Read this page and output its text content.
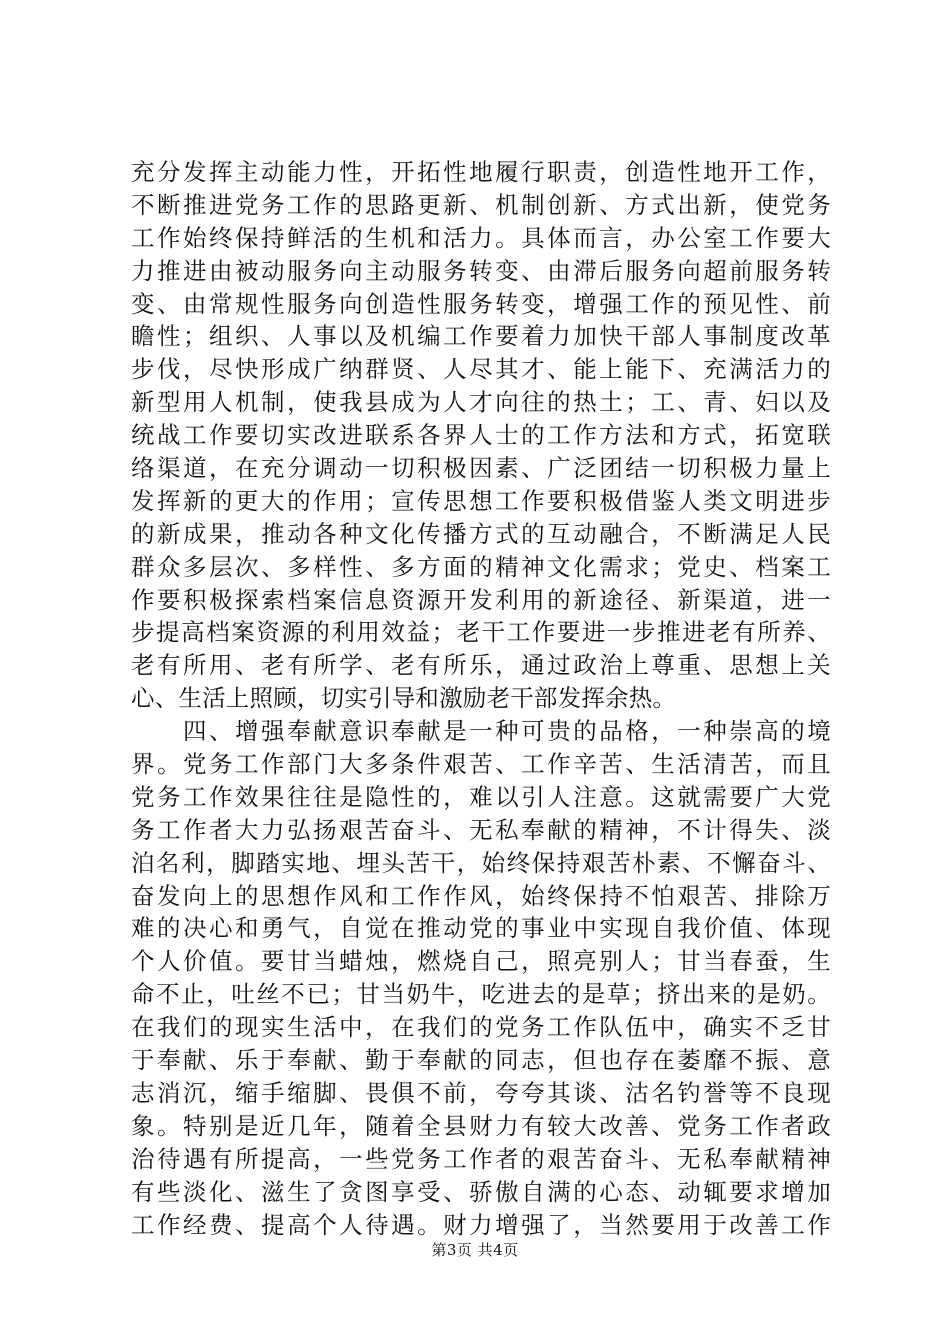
充分发挥主动能力性，开拓性地履行职责，创造性地开工作，
不断推进党务工作的思路更新、机制创新、方式出新，使党务
工作始终保持鲜活的生机和活力。具体而言，办公室工作要大
力推进由被动服务向主动服务转变、由滞后服务向超前服务转
变、由常规性服务向创造性服务转变，增强工作的预见性、前
瞻性；组织、人事以及机编工作要着力加快干部人事制度改革
步伐，尽快形成广纳群贤、人尽其才、能上能下、充满活力的
新型用人机制，使我县成为人才向往的热土；工、青、妇以及
统战工作要切实改进联系各界人士的工作方法和方式，拓宽联
络渠道，在充分调动一切积极因素、广泛团结一切积极力量上
发挥新的更大的作用；宣传思想工作要积极借鉴人类文明进步
的新成果，推动各种文化传播方式的互动融合，不断满足人民
群众多层次、多样性、多方面的精神文化需求；党史、档案工
作要积极探索档案信息资源开发利用的新途径、新渠道，进一
步提高档案资源的利用效益；老干工作要进一步推进老有所养、
老有所用、老有所学、老有所乐，通过政治上尊重、思想上关
心、生活上照顾，切实引导和激励老干部发挥余热。
　　四、增强奉献意识奉献是一种可贵的品格，一种崇高的境
界。党务工作部门大多条件艰苦、工作辛苦、生活清苦，而且
党务工作效果往往是隐性的，难以引人注意。这就需要广大党
务工作者大力弘扬艰苦奋斗、无私奉献的精神，不计得失、淡
泊名利，脚踏实地、埋头苦干，始终保持艰苦朴素、不懈奋斗、
奋发向上的思想作风和工作作风，始终保持不怕艰苦、排除万
难的决心和勇气，自觉在推动党的事业中实现自我价值、体现
个人价值。要甘当蜡烛，燃烧自己，照亮别人；甘当春蚕，生
命不止，吐丝不已；甘当奶牛，吃进去的是草；挤出来的是奶。
在我们的现实生活中，在我们的党务工作队伍中，确实不乏甘
于奉献、乐于奉献、勤于奉献的同志，但也存在萎靡不振、意
志消沉，缩手缩脚、畏俱不前，夸夸其谈、沽名钓誉等不良现
象。特别是近几年，随着全县财力有较大改善、党务工作者政
治待遇有所提高，一些党务工作者的艰苦奋斗、无私奉献精神
有些淡化、滋生了贪图享受、骄傲自满的心态、动辄要求增加
工作经费、提高个人待遇。财力增强了，当然要用于改善工作
第3页 共4页
